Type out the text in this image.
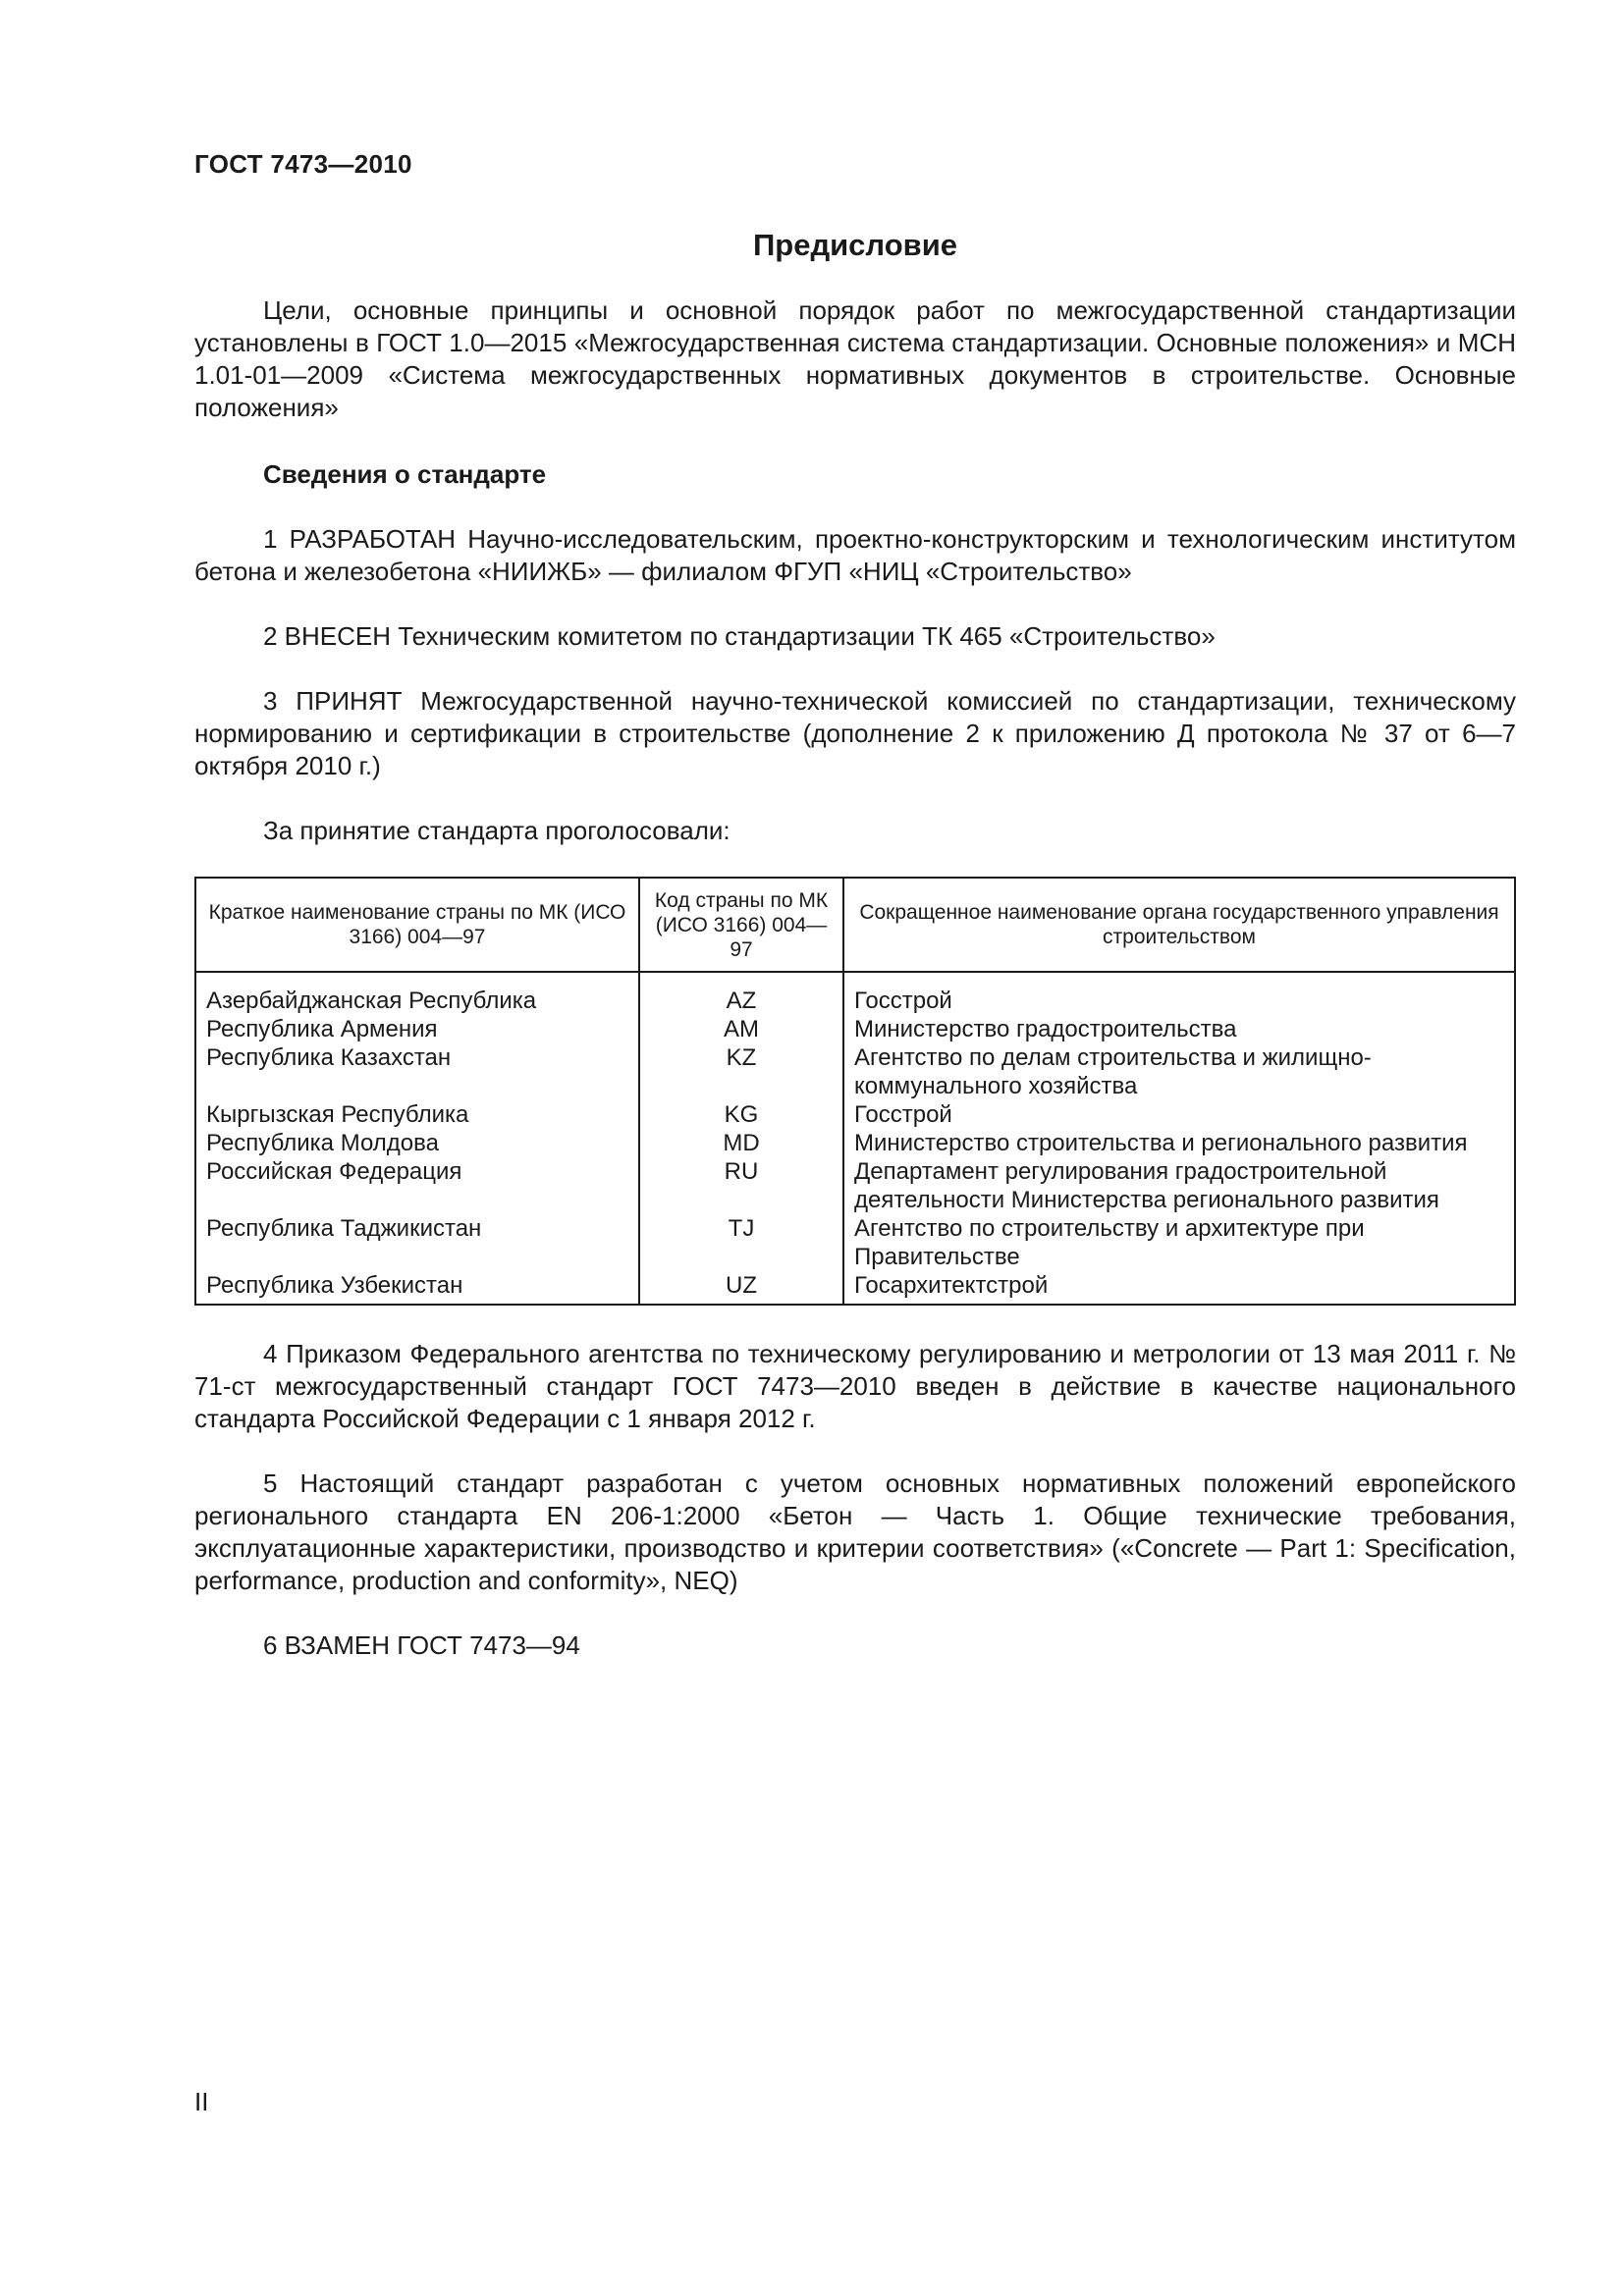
ГОСТ 7473—2010
Предисловие

Цели, основные принципы и основной порядок работ по межгосударственной стандартизации установлены в ГОСТ 1.0—2015 «Межгосударственная система стандартизации. Основные положения» и МСН 1.01-01—2009 «Система межгосударственных нормативных документов в строительстве. Основные положения»

Сведения о стандарте

1 РАЗРАБОТАН Научно-исследовательским, проектно-конструкторским и технологическим институтом бетона и железобетона «НИИЖБ» — филиалом ФГУП «НИЦ «Строительство»

2 ВНЕСЕН Техническим комитетом по стандартизации ТК 465 «Строительство»

3 ПРИНЯТ Межгосударственной научно-технической комиссией по стандартизации, техническому нормированию и сертификации в строительстве (дополнение 2 к приложению Д протокола № 37 от 6—7 октября 2010 г.)

За принятие стандарта проголосовали:

Краткое наименование страны по МК (ИСО 3166) 004—97	Код страны по МК (ИСО 3166) 004—97	Сокращенное наименование органа государственного управления строительством
Азербайджанская Республика	AZ	Госстрой
Республика Армения	AM	Министерство градостроительства
Республика Казахстан	KZ	Агентство по делам строительства и жилищно-коммунального хозяйства
Кыргызская Республика	KG	Госстрой
Республика Молдова	MD	Министерство строительства и регионального развития
Российская Федерация	RU	Департамент регулирования градостроительной деятельности Министерства регионального развития
Республика Таджикистан	TJ	Агентство по строительству и архитектуре при Правительстве
Республика Узбекистан	UZ	Госархитектстрой

4 Приказом Федерального агентства по техническому регулированию и метрологии от 13 мая 2011 г. № 71-ст межгосударственный стандарт ГОСТ 7473—2010 введен в действие в качестве национального стандарта Российской Федерации с 1 января 2012 г.

5 Настоящий стандарт разработан с учетом основных нормативных положений европейского регионального стандарта EN 206-1:2000 «Бетон — Часть 1. Общие технические требования, эксплуатационные характеристики, производство и критерии соответствия» («Concrete — Part 1: Specification, performance, production and conformity», NEQ)

6 ВЗАМЕН ГОСТ 7473—94

II
